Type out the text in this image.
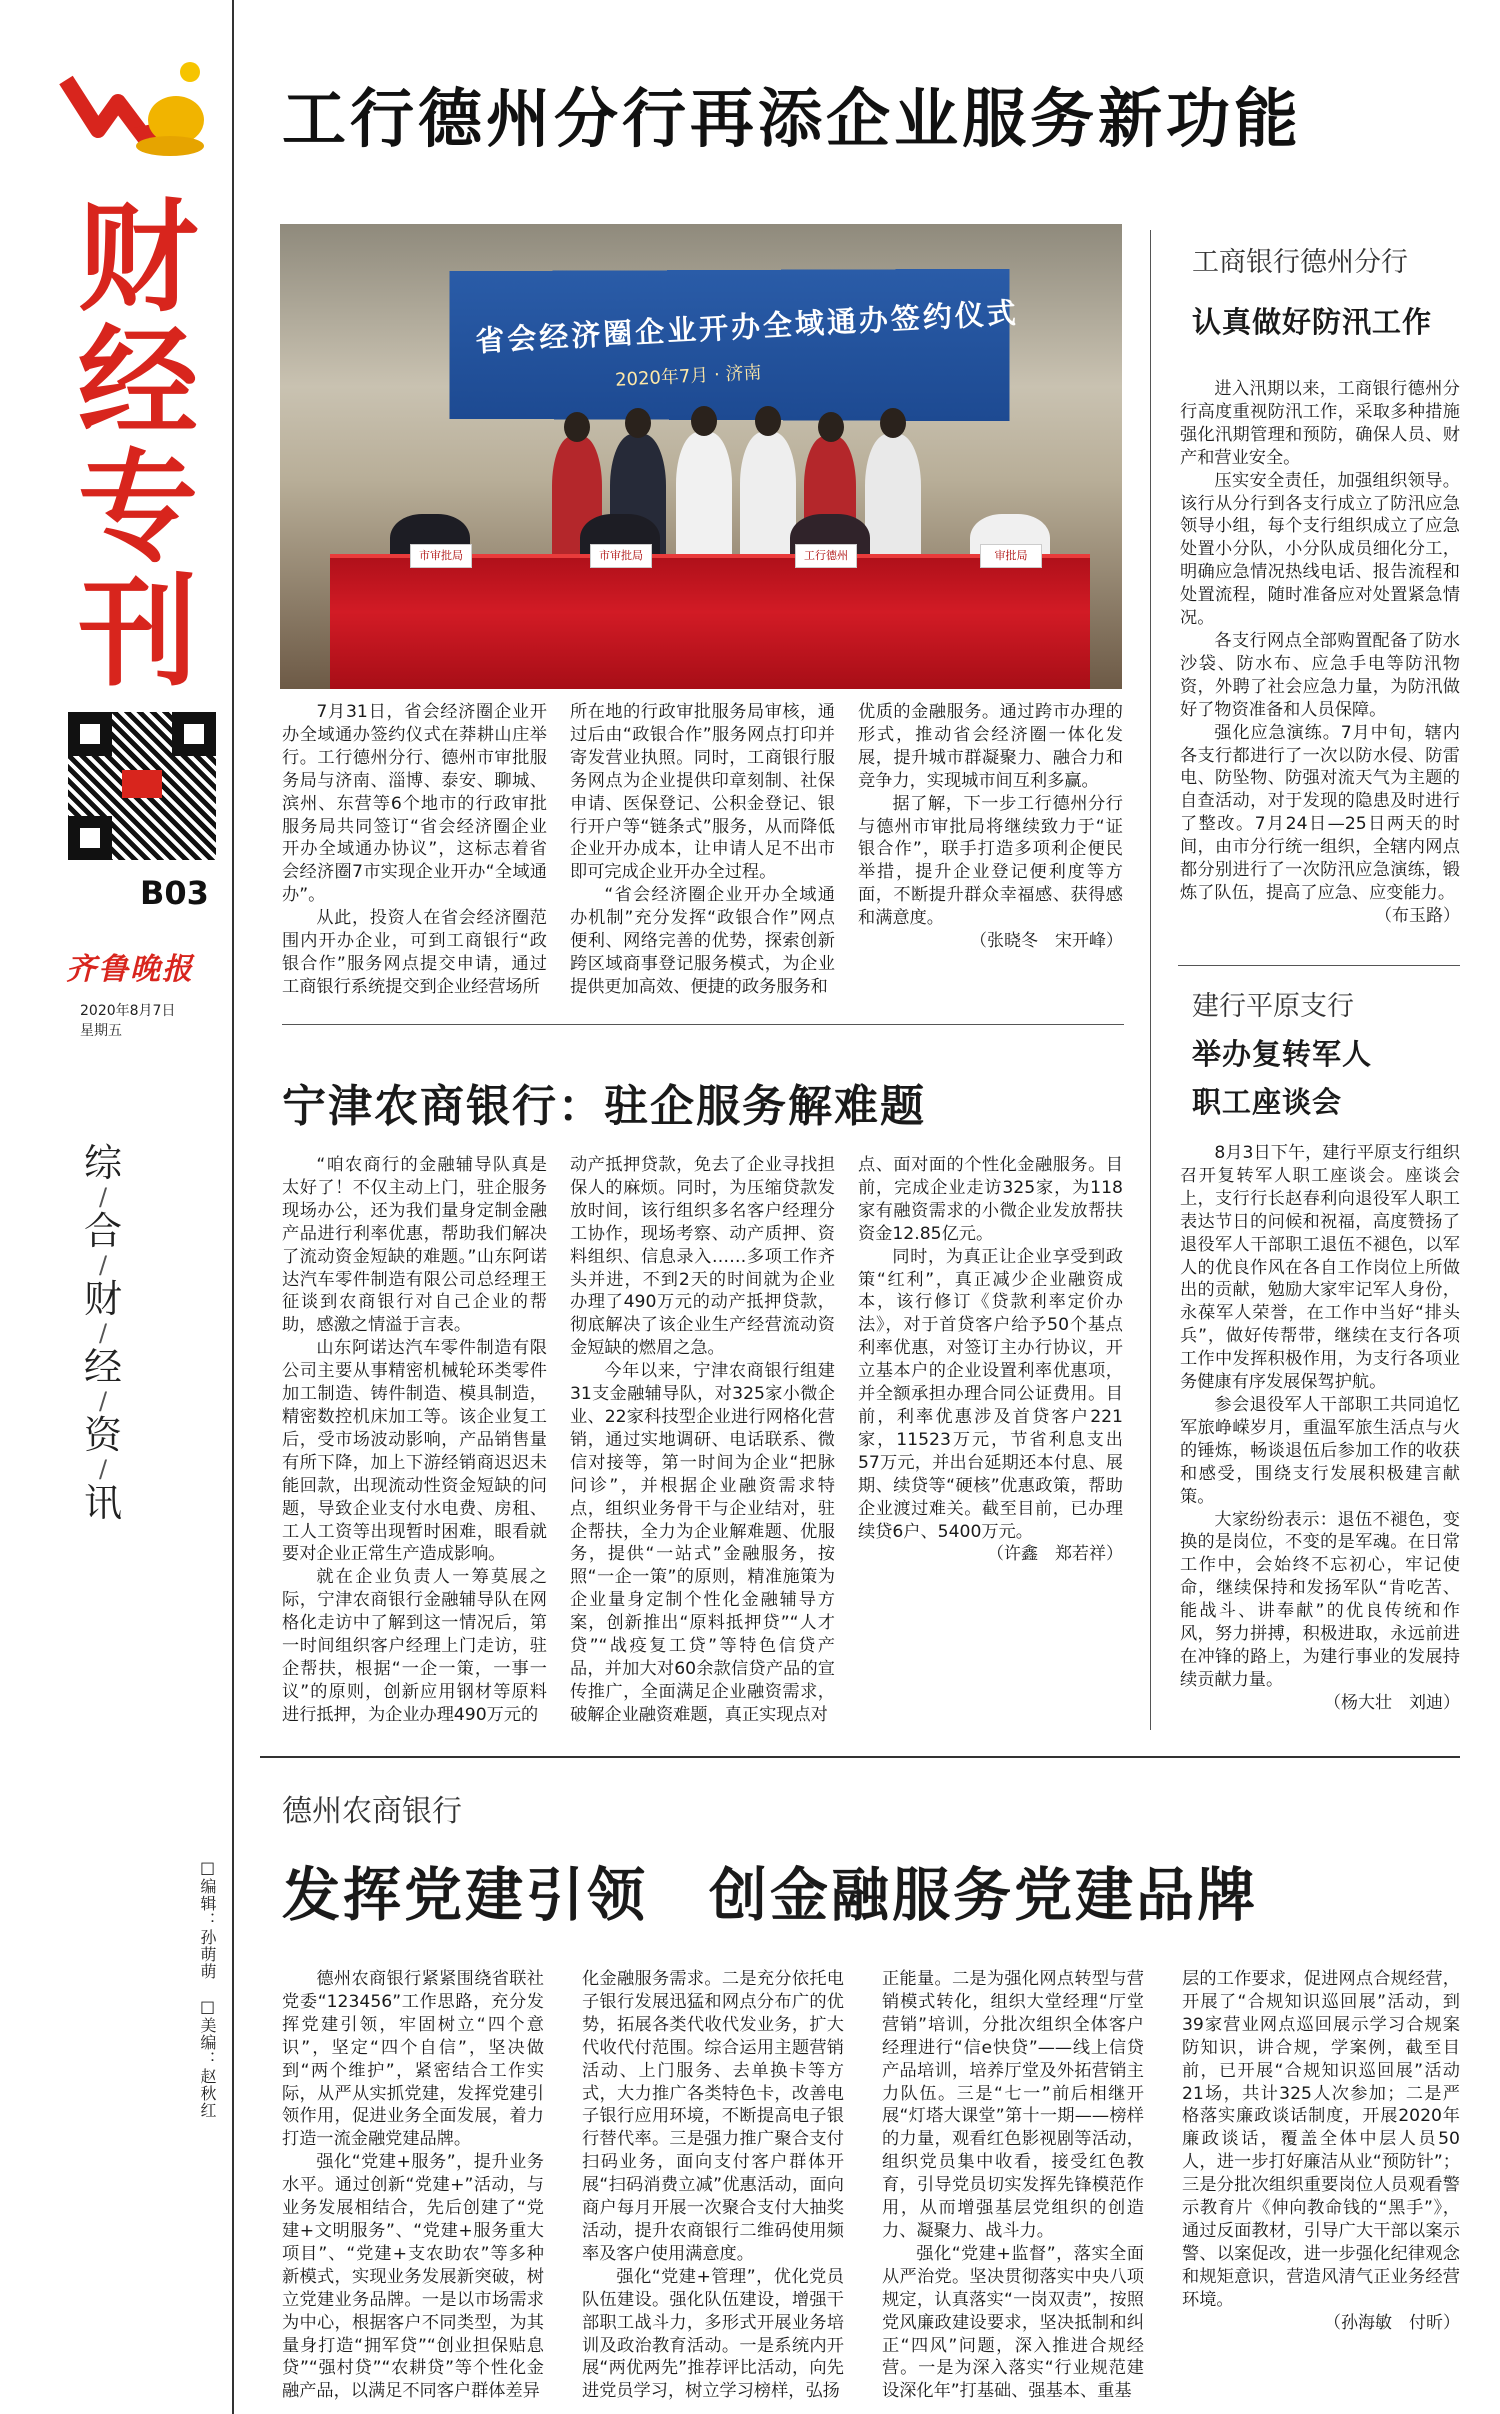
财
经
专
刊
B03
齐鲁晚报
2020年8月7日
星期五
综
/
合
/
财
/
经
/
资
/
讯
□编辑：孙萌萌　□美编：赵秋红
工行德州分行再添企业服务新功能
省会经济圈企业开办全域通办签约仪式
2020年7月 · 济南
市审批局	市审批局	工行德州	审批局

7月31日，省会经济圈企业开办全域通办签约仪式在莽耕山庄举行。工行德州分行、德州市审批服务局与济南、淄博、泰安、聊城、滨州、东营等6个地市的行政审批服务局共同签订“省会经济圈企业开办全域通办协议”，这标志着省会经济圈7市实现企业开办“全域通办”。

从此，投资人在省会经济圈范围内开办企业，可到工商银行“政银合作”服务网点提交申请，通过工商银行系统提交到企业经营场所

所在地的行政审批服务局审核，通过后由“政银合作”服务网点打印并寄发营业执照。同时，工商银行服务网点为企业提供印章刻制、社保申请、医保登记、公积金登记、银行开户等“链条式”服务，从而降低企业开办成本，让申请人足不出市即可完成企业开办全过程。

“省会经济圈企业开办全域通办机制”充分发挥“政银合作”网点便利、网络完善的优势，探索创新跨区域商事登记服务模式，为企业提供更加高效、便捷的政务服务和

优质的金融服务。通过跨市办理的形式，推动省会经济圈一体化发展，提升城市群凝聚力、融合力和竞争力，实现城市间互利多赢。

据了解，下一步工行德州分行与德州市审批局将继续致力于“证银合作”，联手打造多项利企便民举措，提升企业登记便利度等方面，不断提升群众幸福感、获得感和满意度。

（张晓冬　宋开峰）

工商银行德州分行
认真做好防汛工作

进入汛期以来，工商银行德州分行高度重视防汛工作，采取多种措施强化汛期管理和预防，确保人员、财产和营业安全。

压实安全责任，加强组织领导。该行从分行到各支行成立了防汛应急领导小组，每个支行组织成立了应急处置小分队，小分队成员细化分工，明确应急情况热线电话、报告流程和处置流程，随时准备应对处置紧急情况。

各支行网点全部购置配备了防水沙袋、防水布、应急手电等防汛物资，外聘了社会应急力量，为防汛做好了物资准备和人员保障。

强化应急演练。7月中旬，辖内各支行都进行了一次以防水侵、防雷电、防坠物、防强对流天气为主题的自查活动，对于发现的隐患及时进行了整改。7月24日—25日两天的时间，由市分行统一组织，全辖内网点都分别进行了一次防汛应急演练，锻炼了队伍，提高了应急、应变能力。

（布玉路）

建行平原支行
举办复转军人
职工座谈会

8月3日下午，建行平原支行组织召开复转军人职工座谈会。座谈会上，支行行长赵春利向退役军人职工表达节日的问候和祝福，高度赞扬了退役军人干部职工退伍不褪色，以军人的优良作风在各自工作岗位上所做出的贡献，勉励大家牢记军人身份，永葆军人荣誉，在工作中当好“排头兵”，做好传帮带，继续在支行各项工作中发挥积极作用，为支行各项业务健康有序发展保驾护航。

参会退役军人干部职工共同追忆军旅峥嵘岁月，重温军旅生活点与火的锤炼，畅谈退伍后参加工作的收获和感受，围绕支行发展积极建言献策。

大家纷纷表示：退伍不褪色，变换的是岗位，不变的是军魂。在日常工作中，会始终不忘初心，牢记使命，继续保持和发扬军队“肯吃苦、能战斗、讲奉献”的优良传统和作风，努力拼搏，积极进取，永远前进在冲锋的路上，为建行事业的发展持续贡献力量。

（杨大壮　刘迪）

宁津农商银行：驻企服务解难题

“咱农商行的金融辅导队真是太好了！不仅主动上门，驻企服务现场办公，还为我们量身定制金融产品进行利率优惠，帮助我们解决了流动资金短缺的难题。”山东阿诺达汽车零件制造有限公司总经理王征谈到农商银行对自己企业的帮助，感激之情溢于言表。

山东阿诺达汽车零件制造有限公司主要从事精密机械轮环类零件加工制造、铸件制造、模具制造，精密数控机床加工等。该企业复工后，受市场波动影响，产品销售量有所下降，加上下游经销商迟迟未能回款，出现流动性资金短缺的问题，导致企业支付水电费、房租、工人工资等出现暂时困难，眼看就要对企业正常生产造成影响。

就在企业负责人一筹莫展之际，宁津农商银行金融辅导队在网格化走访中了解到这一情况后，第一时间组织客户经理上门走访，驻企帮扶，根据“一企一策，一事一议”的原则，创新应用钢材等原料进行抵押，为企业办理490万元的

动产抵押贷款，免去了企业寻找担保人的麻烦。同时，为压缩贷款发放时间，该行组织多名客户经理分工协作，现场考察、动产质押、资料组织、信息录入……多项工作齐头并进，不到2天的时间就为企业办理了490万元的动产抵押贷款，彻底解决了该企业生产经营流动资金短缺的燃眉之急。

今年以来，宁津农商银行组建31支金融辅导队，对325家小微企业、22家科技型企业进行网格化营销，通过实地调研、电话联系、微信对接等，第一时间为企业“把脉问诊”，并根据企业融资需求特点，组织业务骨干与企业结对，驻企帮扶，全力为企业解难题、优服务，提供“一站式”金融服务，按照“一企一策”的原则，精准施策为企业量身定制个性化金融辅导方案，创新推出“原料抵押贷”“人才贷”“战疫复工贷”等特色信贷产品，并加大对60余款信贷产品的宣传推广，全面满足企业融资需求，破解企业融资难题，真正实现点对

点、面对面的个性化金融服务。目前，完成企业走访325家，为118家有融资需求的小微企业发放帮扶资金12.85亿元。

同时，为真正让企业享受到政策“红利”，真正减少企业融资成本，该行修订《贷款利率定价办法》，对于首贷客户给予50个基点利率优惠，对签订主办行协议，开立基本户的企业设置利率优惠项，并全额承担办理合同公证费用。目前，利率优惠涉及首贷客户221家，11523万元，节省利息支出57万元，并出台延期还本付息、展期、续贷等“硬核”优惠政策，帮助企业渡过难关。截至目前，已办理续贷6户、5400万元。

（许鑫　郑若祥）

德州农商银行
发挥党建引领　创金融服务党建品牌

德州农商银行紧紧围绕省联社党委“123456”工作思路，充分发挥党建引领，牢固树立“四个意识”，坚定“四个自信”，坚决做到“两个维护”，紧密结合工作实际，从严从实抓党建，发挥党建引领作用，促进业务全面发展，着力打造一流金融党建品牌。

强化“党建+服务”，提升业务水平。通过创新“党建+”活动，与业务发展相结合，先后创建了“党建+文明服务”、“党建+服务重大项目”、“党建+支农助农”等多种新模式，实现业务发展新突破，树立党建业务品牌。一是以市场需求为中心，根据客户不同类型，为其量身打造“拥军贷”“创业担保贴息贷”“强村贷”“农耕贷”等个性化金融产品，以满足不同客户群体差异

化金融服务需求。二是充分依托电子银行发展迅猛和网点分布广的优势，拓展各类代收代发业务，扩大代收代付范围。综合运用主题营销活动、上门服务、去单换卡等方式，大力推广各类特色卡，改善电子银行应用环境，不断提高电子银行替代率。三是强力推广聚合支付扫码业务，面向支付客户群体开展“扫码消费立减”优惠活动，面向商户每月开展一次聚合支付大抽奖活动，提升农商银行二维码使用频率及客户使用满意度。

强化“党建+管理”，优化党员队伍建设。强化队伍建设，增强干部职工战斗力，多形式开展业务培训及政治教育活动。一是系统内开展“两优两先”推荐评比活动，向先进党员学习，树立学习榜样，弘扬

正能量。二是为强化网点转型与营销模式转化，组织大堂经理“厅堂营销”培训，分批次组织全体客户经理进行“信e快贷”——线上信贷产品培训，培养厅堂及外拓营销主力队伍。三是“七一”前后相继开展“灯塔大课堂”第十一期——榜样的力量，观看红色影视剧等活动，组织党员集中收看，接受红色教育，引导党员切实发挥先锋模范作用，从而增强基层党组织的创造力、凝聚力、战斗力。

强化“党建+监督”，落实全面从严治党。坚决贯彻落实中央八项规定，认真落实“一岗双责”，按照党风廉政建设要求，坚决抵制和纠正“四风”问题，深入推进合规经营。一是为深入落实“行业规范建设深化年”打基础、强基本、重基

层的工作要求，促进网点合规经营，开展了“合规知识巡回展”活动，到39家营业网点巡回展示学习合规案防知识，讲合规，学案例，截至目前，已开展“合规知识巡回展”活动21场，共计325人次参加；二是严格落实廉政谈话制度，开展2020年廉政谈话，覆盖全体中层人员50人，进一步打好廉洁从业“预防针”；三是分批次组织重要岗位人员观看警示教育片《伸向教命钱的“黑手”》，通过反面教材，引导广大干部以案示警、以案促改，进一步强化纪律观念和规矩意识，营造风清气正业务经营环境。

（孙海敏　付昕）
